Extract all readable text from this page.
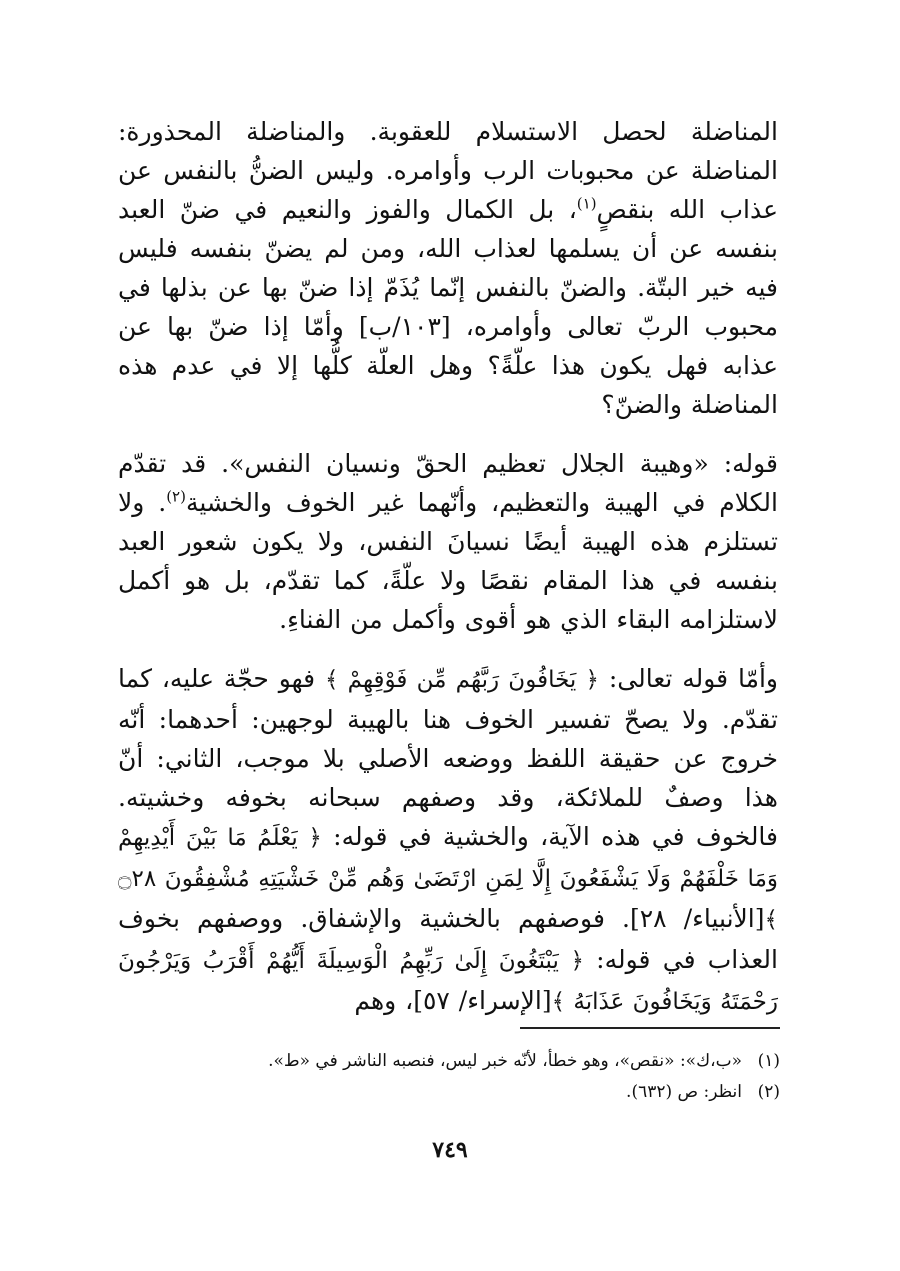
المناضلة لحصل الاستسلام للعقوبة. والمناضلة المحذورة: المناضلة عن محبوبات الرب وأوامره. وليس الضنُّ بالنفس عن عذاب الله بنقصٍ$^{(١)}$، بل الكمال والفوز والنعيم في ضنّ العبد بنفسه عن أن يسلمها لعذاب الله، ومن لم يضنّ بنفسه فليس فيه خير البتّة. والضنّ بالنفس إنّما يُذَمّ إذا ضنّ بها عن بذلها في محبوب الربّ تعالى وأوامره، [١٠٣/ب] وأمّا إذا ضنّ بها عن عذابه فهل يكون هذا علّةً؟ وهل العلّة كلُّها إلا في عدم هذه المناضلة والضنّ؟

قوله: «وهيبة الجلال تعظيم الحقّ ونسيان النفس». قد تقدّم الكلام في الهيبة والتعظيم، وأنّهما غير الخوف والخشية$^{(٢)}$. ولا تستلزم هذه الهيبة أيضًا نسيانَ النفس، ولا يكون شعور العبد بنفسه في هذا المقام نقصًا ولا علّةً، كما تقدّم، بل هو أكمل لاستلزامه البقاء الذي هو أقوى وأكمل من الفناءِ.

وأمّا قوله تعالى: ﴿ يَخَافُونَ رَبَّهُم مِّن فَوْقِهِمْ ﴾ فهو حجّة عليه، كما تقدّم. ولا يصحّ تفسير الخوف هنا بالهيبة لوجهين: أحدهما: أنّه خروج عن حقيقة اللفظ ووضعه الأصلي بلا موجب، الثاني: أنّ هذا وصفٌ للملائكة، وقد وصفهم سبحانه بخوفه وخشيته. فالخوف في هذه الآية، والخشية في قوله: ﴿ يَعْلَمُ مَا بَيْنَ أَيْدِيهِمْ وَمَا خَلْفَهُمْ وَلَا يَشْفَعُونَ إِلَّا لِمَنِ ارْتَضَىٰ وَهُم مِّنْ خَشْيَتِهِ مُشْفِقُونَ ۝٢٨ ﴾[الأنبياء/ ٢٨]. فوصفهم بالخشية والإشفاق. ووصفهم بخوف العذاب في قوله: ﴿ يَبْتَغُونَ إِلَىٰ رَبِّهِمُ الْوَسِيلَةَ أَيُّهُمْ أَقْرَبُ وَيَرْجُونَ رَحْمَتَهُ وَيَخَافُونَ عَذَابَهُ ﴾[الإسراء/ ٥٧]، وهم

(١)«ب،ك»: «نقص»، وهو خطأ، لأنّه خبر ليس، فنصبه الناشر في «ط».

(٢)انظر: ص (٦٣٢).

٧٤٩
